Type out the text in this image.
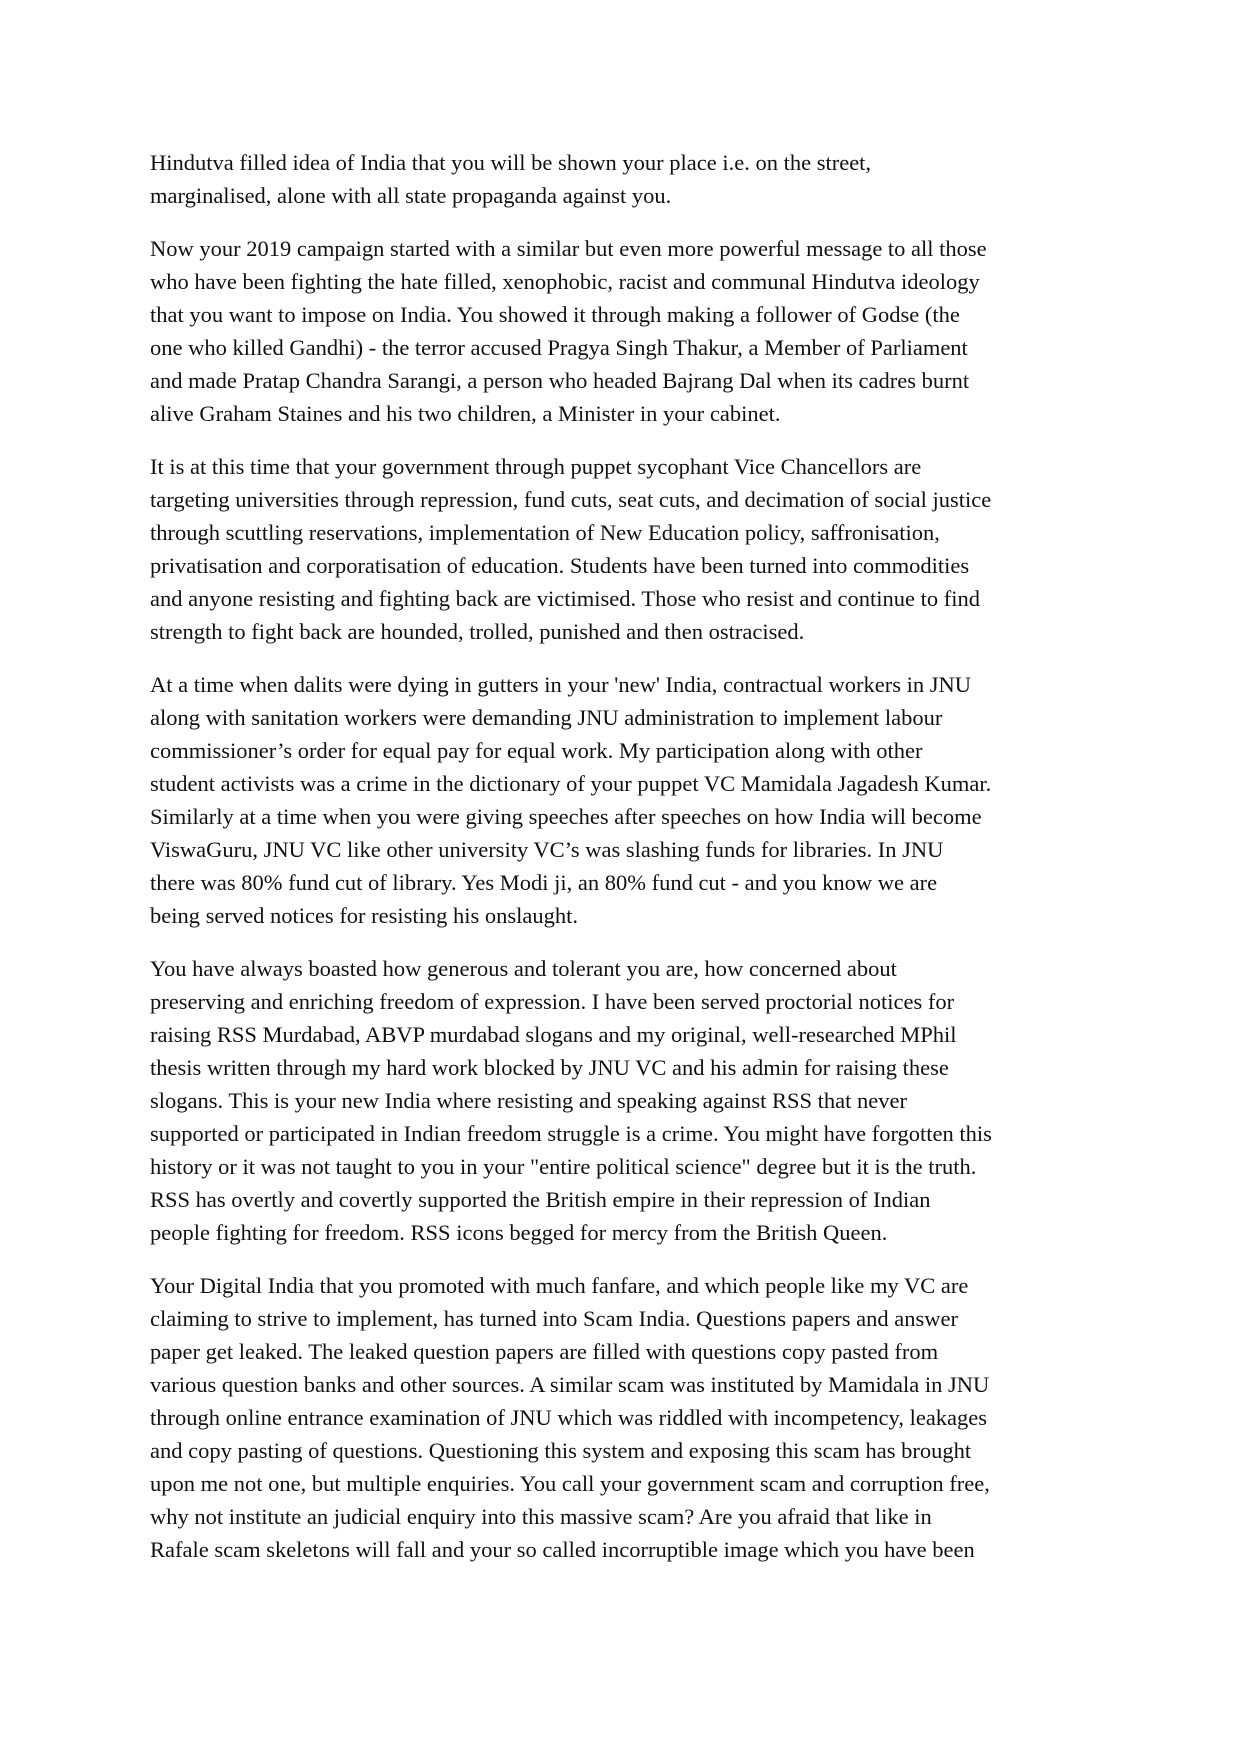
Hindutva filled idea of India that you will be shown your place i.e. on the street,
marginalised, alone with all state propaganda against you.

Now your 2019 campaign started with a similar but even more powerful message to all those
who have been fighting the hate filled, xenophobic, racist and communal Hindutva ideology
that you want to impose on India. You showed it through making a follower of Godse (the
one who killed Gandhi) - the terror accused Pragya Singh Thakur, a Member of Parliament
and made Pratap Chandra Sarangi, a person who headed Bajrang Dal when its cadres burnt
alive Graham Staines and his two children, a Minister in your cabinet.

It is at this time that your government through puppet sycophant Vice Chancellors are
targeting universities through repression, fund cuts, seat cuts, and decimation of social justice
through scuttling reservations, implementation of New Education policy, saffronisation,
privatisation and corporatisation of education. Students have been turned into commodities
and anyone resisting and fighting back are victimised. Those who resist and continue to find
strength to fight back are hounded, trolled, punished and then ostracised.

At a time when dalits were dying in gutters in your 'new' India, contractual workers in JNU
along with sanitation workers were demanding JNU administration to implement labour
commissioner’s order for equal pay for equal work. My participation along with other
student activists was a crime in the dictionary of your puppet VC Mamidala Jagadesh Kumar.
Similarly at a time when you were giving speeches after speeches on how India will become
ViswaGuru, JNU VC like other university VC’s was slashing funds for libraries. In JNU
there was 80% fund cut of library. Yes Modi ji, an 80% fund cut - and you know we are
being served notices for resisting his onslaught.

You have always boasted how generous and tolerant you are, how concerned about
preserving and enriching freedom of expression. I have been served proctorial notices for
raising RSS Murdabad, ABVP murdabad slogans and my original, well-researched MPhil
thesis written through my hard work blocked by JNU VC and his admin for raising these
slogans. This is your new India where resisting and speaking against RSS that never
supported or participated in Indian freedom struggle is a crime. You might have forgotten this
history or it was not taught to you in your "entire political science" degree but it is the truth.
RSS has overtly and covertly supported the British empire in their repression of Indian
people fighting for freedom. RSS icons begged for mercy from the British Queen.

Your Digital India that you promoted with much fanfare, and which people like my VC are
claiming to strive to implement, has turned into Scam India. Questions papers and answer
paper get leaked. The leaked question papers are filled with questions copy pasted from
various question banks and other sources. A similar scam was instituted by Mamidala in JNU
through online entrance examination of JNU which was riddled with incompetency, leakages
and copy pasting of questions. Questioning this system and exposing this scam has brought
upon me not one, but multiple enquiries. You call your government scam and corruption free,
why not institute an judicial enquiry into this massive scam? Are you afraid that like in
Rafale scam skeletons will fall and your so called incorruptible image which you have been
